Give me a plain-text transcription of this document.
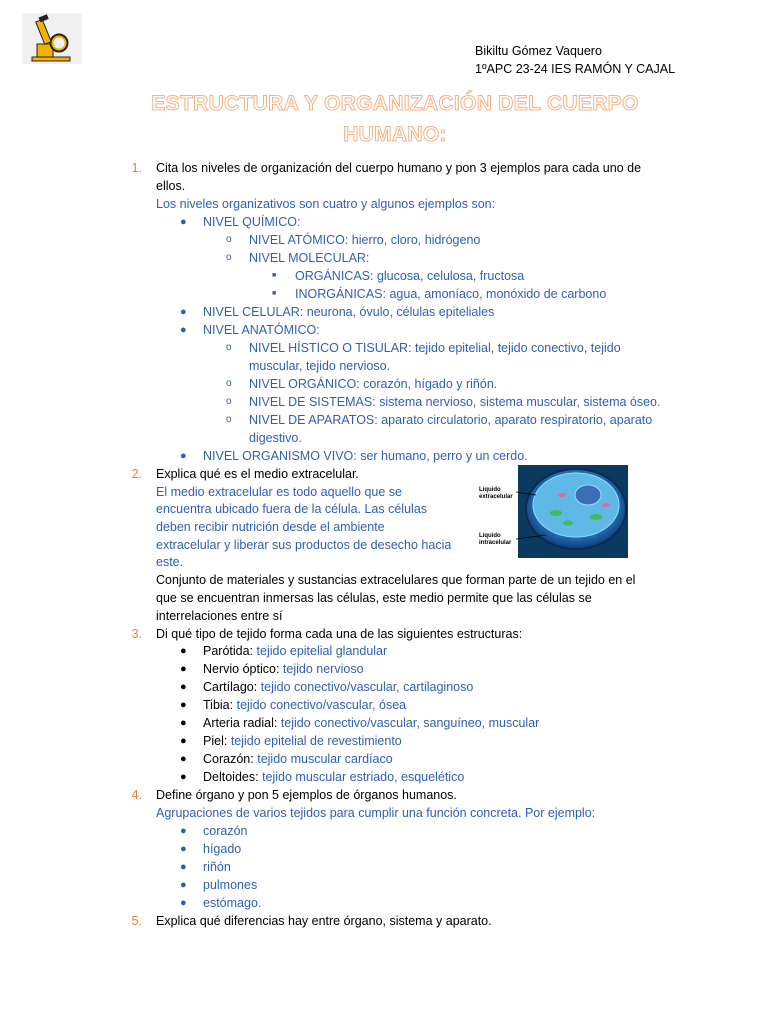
Bikiltu Gómez Vaquero
1ºAPC 23-24 IES RAMÓN Y CAJAL
ESTRUCTURA Y ORGANIZACIÓN DEL CUERPO
HUMANO:
1. Cita los niveles de organización del cuerpo humano y pon 3 ejemplos para cada uno de
ellos.
Los niveles organizativos son cuatro y algunos ejemplos son:
● NIVEL QUÍMICO:
o NIVEL ATÓMICO: hierro, cloro, hidrógeno
o NIVEL MOLECULAR:
■ ORGÁNICAS: glucosa, celulosa, fructosa
■ INORGÁNICAS: agua, amoníaco, monóxido de carbono
● NIVEL CELULAR: neurona, óvulo, células epiteliales
● NIVEL ANATÓMICO:
o NIVEL HÍSTICO O TISULAR: tejido epitelial, tejido conectivo, tejido
muscular, tejido nervioso.
o NIVEL ORGÁNICO: corazón, hígado y riñón.
o NIVEL DE SISTEMAS: sistema nervioso, sistema muscular, sistema óseo.
o NIVEL DE APARATOS: aparato circulatorio, aparato respiratorio, aparato
digestivo.
● NIVEL ORGANISMO VIVO: ser humano, perro y un cerdo.
2. Explica qué es el medio extracelular.
El medio extracelular es todo aquello que se
encuentra ubicado fuera de la célula. Las células
deben recibir nutrición desde el ambiente
extracelular y liberar sus productos de desecho hacia
este.
Conjunto de materiales y sustancias extracelulares que forman parte de un tejido en el
que se encuentran inmersas las células, este medio permite que las células se
interrelaciones entre sí
Líquido
extracelular
Líquido
intracelular
3. Di qué tipo de tejido forma cada una de las siguientes estructuras:
● Parótida: tejido epitelial glandular
● Nervio óptico: tejido nervioso
● Cartílago: tejido conectivo/vascular, cartilaginoso
● Tibia: tejido conectivo/vascular, ósea
● Arteria radial: tejido conectivo/vascular, sanguíneo, muscular
● Piel: tejido epitelial de revestimiento
● Corazón: tejido muscular cardíaco
● Deltoides: tejido muscular estriado, esquelético
4. Define órgano y pon 5 ejemplos de órganos humanos.
Agrupaciones de varios tejidos para cumplir una función concreta. Por ejemplo:
● corazón
● hígado
● riñón
● pulmones
● estómago.
5. Explica qué diferencias hay entre órgano, sistema y aparato.
